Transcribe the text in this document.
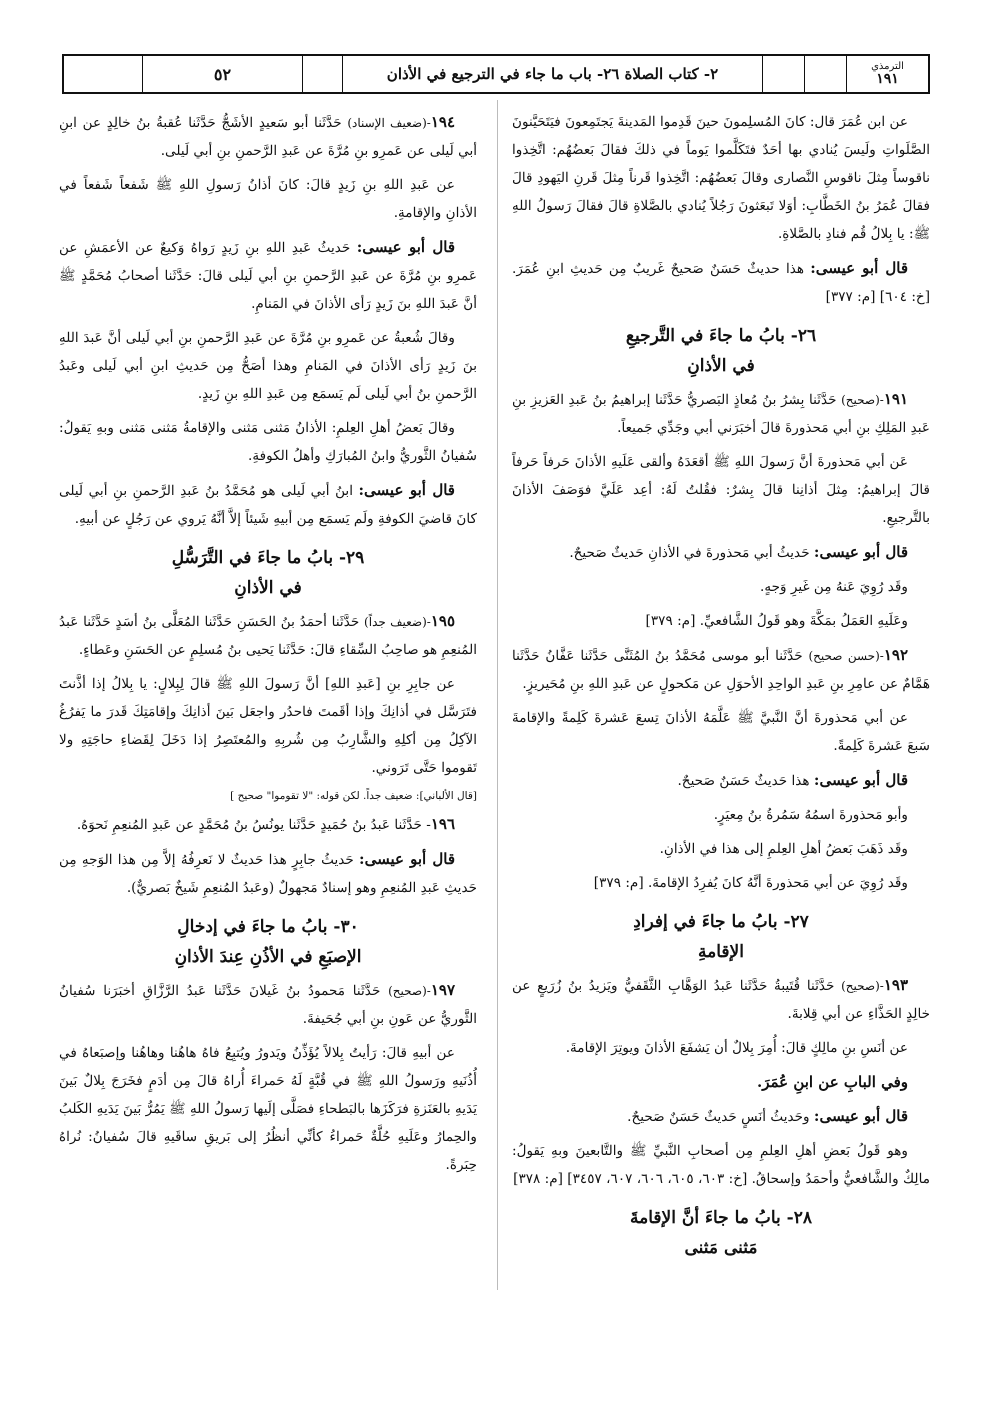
الترمذي
١٩١
٢- كتاب الصلاة ٢٦- باب ما جاء في الترجيع في الأذان
٥٢

عن ابن عُمَرَ قال: كانَ المُسلِمونَ حينَ قَدِموا المَدينةَ يَجتَمِعونَ فيَتَحَيَّنونَ الصَّلَواتِ ولَيسَ يُنادي بها أحَدٌ فتَكَلَّموا يَوماً في ذلكَ فقالَ بَعضُهُم: اتَّخِذوا ناقوساً مِثلَ ناقوسِ النَّصارى وقالَ بَعضُهُم: اتَّخِذوا قَرناً مِثلَ قَرنِ اليَهودِ قالَ فقالَ عُمَرُ بنُ الخَطَّابِ: أوَلا تَبعَثونَ رَجُلاً يُنادي بالصَّلاةِ قالَ فقالَ رَسولُ اللهِ ﷺ: يا بِلالُ قُم فنادِ بالصَّلاةِ.

قال أبو عيسى: هذا حديثٌ حَسَنٌ صَحيحٌ غَريبٌ مِن حَديثِ ابنِ عُمَرَ. [خ: ٦٠٤] [م: ٣٧٧]

٢٦- بابُ ما جاءَ في التَّرجيعِ
في الأذانِ

١٩١-(صحيح) حَدَّثَنا بِشرُ بنُ مُعاذٍ البَصريُّ حَدَّثَنا إبراهيمُ بنُ عَبدِ العَزيزِ بنِ عَبدِ المَلِكِ بنِ أبي مَحذورةَ قالَ أخبَرَني أبي وجَدِّي جَميعاً.

عَن أبي مَحذورةَ أنَّ رَسولَ اللهِ ﷺ أقعَدَهُ وألقى عَلَيهِ الأذانَ حَرفاً حَرفاً قالَ إبراهيمُ: مِثلَ أذانِنا قالَ بِشرٌ: فقُلتُ لَهُ: أعِد عَلَيَّ فوَصَفَ الأذانَ بالتَّرجيعِ.

قال أبو عيسى: حَديثُ أبي مَحذورةَ في الأذانِ حَديثٌ صَحيحٌ.

وقَد رُوِيَ عَنهُ مِن غَيرِ وَجهٍ.

وعَلَيهِ العَمَلُ بمَكَّةَ وهو قَولُ الشَّافعيِّ. [م: ٣٧٩]

١٩٢-(حسن صحيح) حَدَّثَنا أبو موسى مُحَمَّدُ بنُ المُثَنَّى حَدَّثَنا عَفَّانُ حَدَّثَنا هَمَّامٌ عن عامِرِ بنِ عَبدِ الواحِدِ الأحوَلِ عن مَكحولٍ عن عَبدِ اللهِ بنِ مُحَيريزٍ.

عن أبي مَحذورةَ أنَّ النَّبيَّ ﷺ عَلَّمَهُ الأذانَ تِسعَ عَشرةَ كَلِمةً والإقامةَ سَبعَ عَشرةَ كَلِمةً.

قال أبو عيسى: هذا حَديثٌ حَسَنٌ صَحيحٌ.

وأبو مَحذورةَ اسمُهُ سَمُرةُ بنُ مِعيَرٍ.

وقَد ذَهَبَ بَعضُ أهلِ العِلمِ إلى هذا في الأذانِ.

وقَد رُوِيَ عن أبي مَحذورةَ أنَّهُ كانَ يُفرِدُ الإقامةَ. [م: ٣٧٩]

٢٧- بابُ ما جاءَ في إفرادِ
الإقامةِ

١٩٣-(صحيح) حَدَّثَنا قُتَيبةُ حَدَّثَنا عَبدُ الوَهَّابِ الثَّقَفيُّ ويَزيدُ بنُ زُرَيعٍ عن خالِدٍ الحَذَّاءِ عن أبي قِلابةَ.

عن أنَسِ بنِ مالِكٍ قالَ: أُمِرَ بِلالٌ أن يَشفَعَ الأذانَ ويوتِرَ الإقامةَ.

وفي البابِ عن ابنِ عُمَرَ.

قال أبو عيسى: وحَديثُ أنَسٍ حَديثٌ حَسَنٌ صَحيحٌ.

وهو قَولُ بَعضِ أهلِ العِلمِ مِن أصحابِ النَّبيِّ ﷺ والتَّابعينَ وبهِ يَقولُ: مالِكٌ والشَّافعيُّ وأحمَدُ وإسحاقُ. [خ: ٦٠٣، ٦٠٥، ٦٠٦، ٦٠٧، ٣٤٥٧] [م: ٣٧٨]

٢٨- بابُ ما جاءَ أنَّ الإقامةَ
مَثنى مَثنى

١٩٤-(ضعيف الإسناد) حَدَّثَنا أبو سَعيدٍ الأشَجُّ حَدَّثَنا عُقبةُ بنُ خالِدٍ عن ابنِ أبي لَيلى عن عَمرِو بنِ مُرَّةَ عن عَبدِ الرَّحمنِ بنِ أبي لَيلى.

عن عَبدِ اللهِ بنِ زَيدٍ قالَ: كانَ أذانُ رَسولِ اللهِ ﷺ شَفعاً شَفعاً في الأذانِ والإقامةِ.

قال أبو عيسى: حَديثُ عَبدِ اللهِ بنِ زَيدٍ رَواهُ وَكيعٌ عن الأعمَشِ عن عَمرِو بنِ مُرَّةَ عن عَبدِ الرَّحمنِ بنِ أبي لَيلى قالَ: حَدَّثَنا أصحابُ مُحَمَّدٍ ﷺ أنَّ عَبدَ اللهِ بنَ زَيدٍ رَأى الأذانَ في المَنامِ.

وقالَ شُعبةُ عن عَمرِو بنِ مُرَّةَ عن عَبدِ الرَّحمنِ بنِ أبي لَيلى أنَّ عَبدَ اللهِ بنَ زَيدٍ رَأى الأذانَ في المَنامِ وهذا أصَحُّ مِن حَديثِ ابنِ أبي لَيلى وعَبدُ الرَّحمنِ بنُ أبي لَيلى لَم يَسمَع مِن عَبدِ اللهِ بنِ زَيدٍ.

وقالَ بَعضُ أهلِ العِلمِ: الأذانُ مَثنى مَثنى والإقامةُ مَثنى مَثنى وبهِ يَقولُ: سُفيانُ الثَّوريُّ وابنُ المُبارَكِ وأهلُ الكوفةِ.

قال أبو عيسى: ابنُ أبي لَيلى هو مُحَمَّدُ بنُ عَبدِ الرَّحمنِ بنِ أبي لَيلى كانَ قاضيَ الكوفةِ ولَم يَسمَع مِن أبيهِ شَيئاً إلاَّ أنَّهُ يَروي عن رَجُلٍ عن أبيهِ.

٢٩- بابُ ما جاءَ في التَّرَسُّلِ
في الأذانِ

١٩٥-(ضعيف جداً) حَدَّثَنا أحمَدُ بنُ الحَسَنِ حَدَّثَنا المُعَلَّى بنُ أسَدٍ حَدَّثَنا عَبدُ المُنعِمِ هو صاحِبُ السِّقاءِ قالَ: حَدَّثَنا يَحيى بنُ مُسلِمٍ عن الحَسَنِ وعَطاءٍ.

عن جابِرِ بنِ [عَبدِ اللهِ] أنَّ رَسولَ اللهِ ﷺ قالَ لِبِلالٍ: يا بِلالُ إذا أذَّنتَ فتَرَسَّل في أذانِكَ وإذا أقَمتَ فاحدُر واجعَل بَينَ أذانِكَ وإقامَتِكَ قَدرَ ما يَفرُغُ الآكِلُ مِن أكلِهِ والشَّارِبُ مِن شُربِهِ والمُعتَصِرُ إذا دَخَلَ لِقَضاءِ حاجَتِهِ ولا تَقوموا حَتَّى تَرَوني.

[قال الألباني]: ضعيف جداً. لكن قوله: "لا تقوموا" صحيح ]

١٩٦- حَدَّثَنا عَبدُ بنُ حُمَيدٍ حَدَّثَنا يونُسُ بنُ مُحَمَّدٍ عن عَبدِ المُنعِمِ نَحوَهُ.

قال أبو عيسى: حَديثُ جابِرٍ هذا حَديثٌ لا نَعرِفُهُ إلاَّ مِن هذا الوَجهِ مِن حَديثِ عَبدِ المُنعِمِ وهو إسنادٌ مَجهولٌ (وعَبدُ المُنعِمِ شَيخٌ بَصريٌّ).

٣٠- بابُ ما جاءَ في إدخالِ
الإصبَعِ في الأذُنِ عِندَ الأذانِ

١٩٧-(صحيح) حَدَّثَنا مَحمودُ بنُ غَيلانَ حَدَّثَنا عَبدُ الرَّزَّاقِ أخبَرَنا سُفيانُ الثَّوريُّ عن عَونِ بنِ أبي جُحَيفةَ.

عن أبيهِ قالَ: رَأيتُ بِلالاً يُؤَذِّنُ ويَدورُ ويُتبِعُ فاهُ هاهُنا وهاهُنا وإصبَعاهُ في أُذُنَيهِ ورَسولُ اللهِ ﷺ في قُبَّةٍ لَهُ حَمراءَ أُراهُ قالَ مِن أدَمٍ فخَرَجَ بِلالٌ بَينَ يَدَيهِ بالعَنَزةِ فرَكَزَها بالبَطحاءِ فصَلَّى إلَيها رَسولُ اللهِ ﷺ يَمُرُّ بَينَ يَدَيهِ الكَلبُ والحِمارُ وعَلَيهِ حُلَّةٌ حَمراءُ كأنِّي أنظُرُ إلى بَريقِ ساقَيهِ قالَ سُفيانُ: نُراهُ حِبَرةً.
